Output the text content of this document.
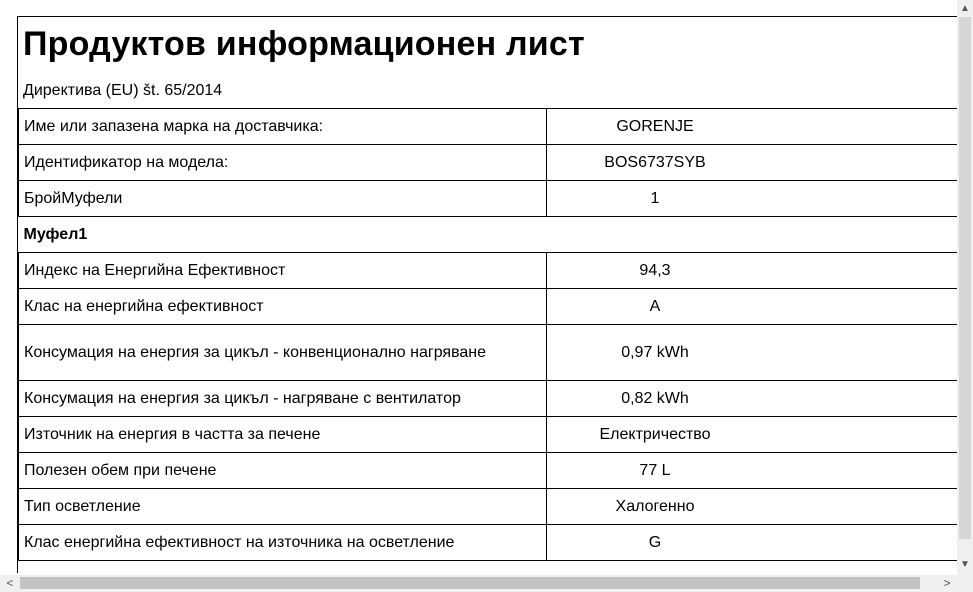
Продуктов информационен лист
Директива (EU) št. 65/2014
Име или запазена марка на доставчика:	GORENJE
Идентификатор на модела:	BOS6737SYB
БройМуфели	1
Муфел1	
Индекс на Енергийна Ефективност	94,3
Клас на енергийна ефективност	A
Консумация на енергия за цикъл - конвенционално нагряване	0,97 kWh
Консумация на енергия за цикъл - нагряване с вентилатор	0,82 kWh
Източник на енергия в частта за печене	Електричество
Полезен обем при печене	77 L
Тип осветление	Халогенно
Клас енергийна ефективност на източника на осветление	G
▲
▼
<	>
